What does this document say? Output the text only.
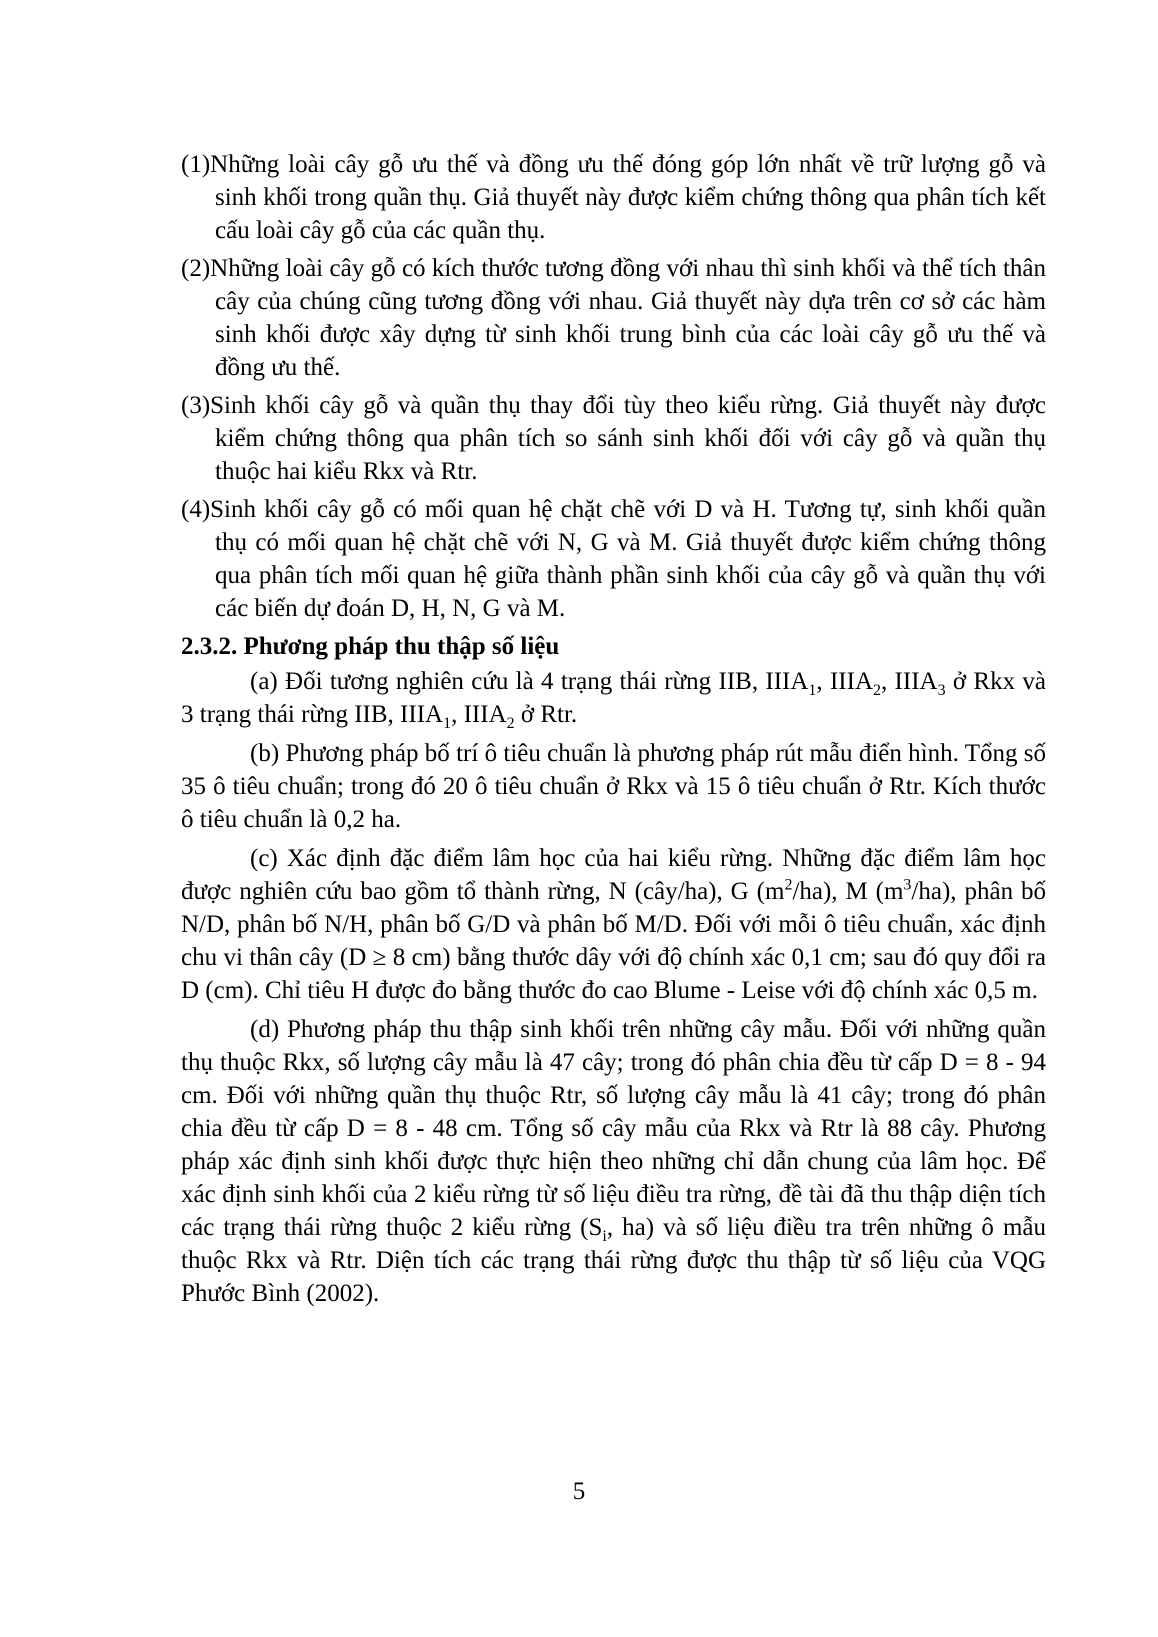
(1)Những loài cây gỗ ưu thế và đồng ưu thế đóng góp lớn nhất về trữ lượng gỗ và sinh khối trong quần thụ. Giả thuyết này được kiểm chứng thông qua phân tích kết cấu loài cây gỗ của các quần thụ.

(2)Những loài cây gỗ có kích thước tương đồng với nhau thì sinh khối và thể tích thân cây của chúng cũng tương đồng với nhau. Giả thuyết này dựa trên cơ sở các hàm sinh khối được xây dựng từ sinh khối trung bình của các loài cây gỗ ưu thế và đồng ưu thế.

(3)Sinh khối cây gỗ và quần thụ thay đổi tùy theo kiểu rừng. Giả thuyết này được kiểm chứng thông qua phân tích so sánh sinh khối đối với cây gỗ và quần thụ thuộc hai kiểu Rkx và Rtr.

(4)Sinh khối cây gỗ có mối quan hệ chặt chẽ với D và H. Tương tự, sinh khối quần thụ có mối quan hệ chặt chẽ với N, G và M. Giả thuyết được kiểm chứng thông qua phân tích mối quan hệ giữa thành phần sinh khối của cây gỗ và quần thụ với các biến dự đoán D, H, N, G và M.

2.3.2. Phương pháp thu thập số liệu

(a) Đối tương nghiên cứu là 4 trạng thái rừng IIB, $IIIA_1$, $IIIA_2$, $IIIA_3$ ở Rkx và 3 trạng thái rừng IIB, $IIIA_1$, $IIIA_2$ ở Rtr.

(b) Phương pháp bố trí ô tiêu chuẩn là phương pháp rút mẫu điển hình. Tổng số 35 ô tiêu chuẩn; trong đó 20 ô tiêu chuẩn ở Rkx và 15 ô tiêu chuẩn ở Rtr. Kích thước ô tiêu chuẩn là 0,2 ha.

(c) Xác định đặc điểm lâm học của hai kiểu rừng. Những đặc điểm lâm học được nghiên cứu bao gồm tổ thành rừng, N (cây/ha), G $(m^2/ha)$, M $(m^3/ha)$, phân bố N/D, phân bố N/H, phân bố G/D và phân bố M/D. Đối với mỗi ô tiêu chuẩn, xác định chu vi thân cây (D ≥ 8 cm) bằng thước dây với độ chính xác 0,1 cm; sau đó quy đổi ra D (cm). Chỉ tiêu H được đo bằng thước đo cao Blume - Leise với độ chính xác 0,5 m.

(d) Phương pháp thu thập sinh khối trên những cây mẫu. Đối với những quần thụ thuộc Rkx, số lượng cây mẫu là 47 cây; trong đó phân chia đều từ cấp D = 8 - 94 cm. Đối với những quần thụ thuộc Rtr, số lượng cây mẫu là 41 cây; trong đó phân chia đều từ cấp D = 8 - 48 cm. Tổng số cây mẫu của Rkx và Rtr là 88 cây. Phương pháp xác định sinh khối được thực hiện theo những chỉ dẫn chung của lâm học. Để xác định sinh khối của 2 kiểu rừng từ số liệu điều tra rừng, đề tài đã thu thập diện tích các trạng thái rừng thuộc 2 kiểu rừng ($S_i$, ha) và số liệu điều tra trên những ô mẫu thuộc Rkx và Rtr. Diện tích các trạng thái rừng được thu thập từ số liệu của VQG Phước Bình (2002).

5
